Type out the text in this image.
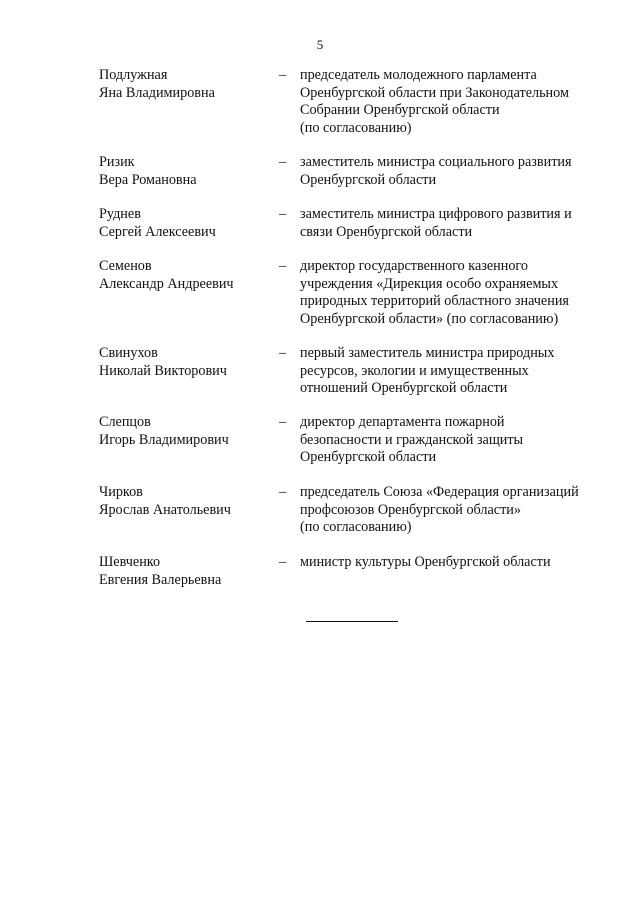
5
Подлужная
Яна Владимировна
– председатель молодежного парламента
Оренбургской области при Законодательном
Собрании Оренбургской области
(по согласованию)
Ризик
Вера Романовна
– заместитель министра социального развития
Оренбургской области
Руднев
Сергей Алексеевич
– заместитель министра цифрового развития и
связи Оренбургской области
Семенов
Александр Андреевич
– директор государственного казенного
учреждения «Дирекция особо охраняемых
природных территорий областного значения
Оренбургской области» (по согласованию)
Свинухов
Николай Викторович
– первый заместитель министра природных
ресурсов, экологии и имущественных
отношений Оренбургской области
Слепцов
Игорь Владимирович
– директор департамента пожарной
безопасности и гражданской защиты
Оренбургской области
Чирков
Ярослав Анатольевич
– председатель Союза «Федерация организаций
профсоюзов Оренбургской области»
(по согласованию)
Шевченко
Евгения Валерьевна
– министр культуры Оренбургской области
